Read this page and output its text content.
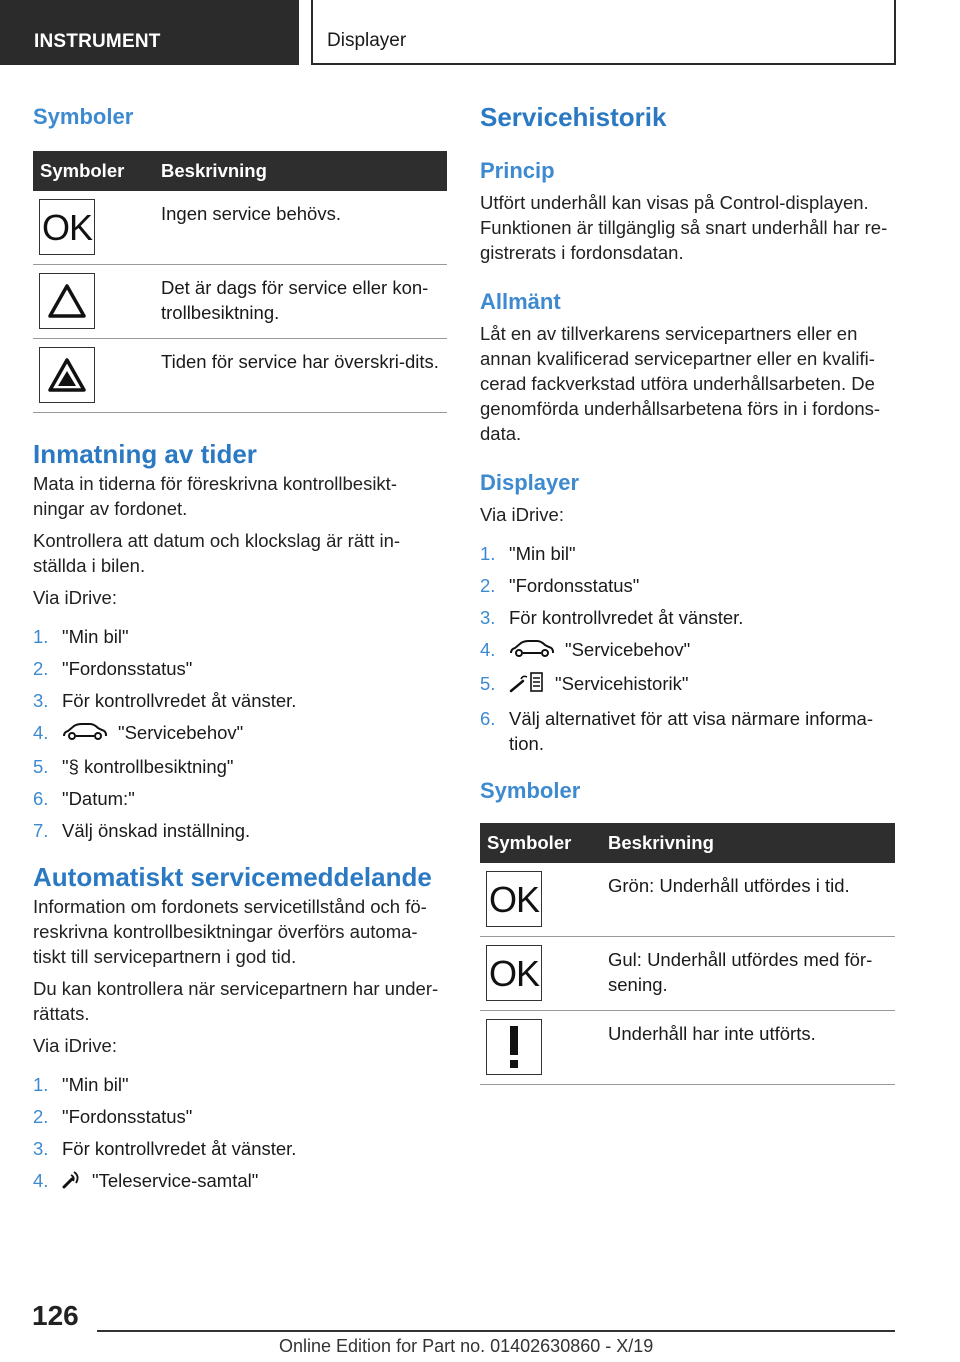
INSTRUMENT	Displayer
Symboler
Symboler	Beskrivning

OK	Ingen service behövs.

	Det är dags för service eller kon-trollbesiktning.

	Tiden för service har överskri-dits.
Inmatning av tider
Mata in tiderna för föreskrivna kontrollbesikt-ningar av fordonet.
Kontrollera att datum och klockslag är rätt in-ställda i bilen.
Via iDrive:
1. "Min bil"
2. "Fordonsstatus"
3. För kontrollvredet åt vänster.
4.	"Servicebehov"
5. "§ kontrollbesiktning"
6. "Datum:"
7. Välj önskad inställning.
Automatiskt servicemeddelande
Information om fordonets servicetillstånd och fö-reskrivna kontrollbesiktningar överförs automa-tiskt till servicepartnern i god tid.
Du kan kontrollera när servicepartnern har under-rättats.
Via iDrive:
1. "Min bil"
2. "Fordonsstatus"
3. För kontrollvredet åt vänster.
4.	"Teleservice-samtal"
Servicehistorik
Princip
Utfört underhåll kan visas på Control-displayen. Funktionen är tillgänglig så snart underhåll har re-gistrerats i fordonsdatan.
Allmänt
Låt en av tillverkarens servicepartners eller en annan kvalificerad servicepartner eller en kvalifi-cerad fackverkstad utföra underhållsarbeten. De genomförda underhållsarbetena förs in i fordons-data.
Displayer
Via iDrive:
1. "Min bil"
2. "Fordonsstatus"
3. För kontrollvredet åt vänster.
4.	"Servicebehov"
5.	"Servicehistorik"
6. Välj alternativet för att visa närmare informa-tion.
Symboler
Symboler	Beskrivning

OK	Grön: Underhåll utfördes i tid.

OK	Gul: Underhåll utfördes med för-sening.

	Underhåll har inte utförts.
126
Online Edition for Part no. 01402630860 - X/19
